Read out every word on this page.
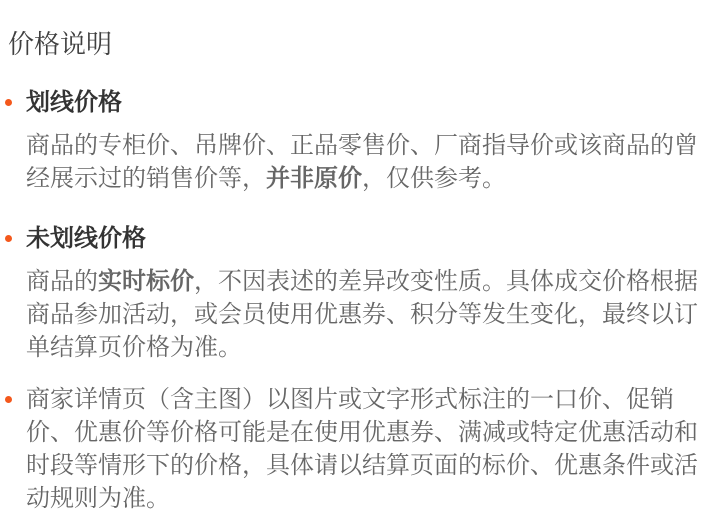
价格说明
划线价格

商品的专柜价、吊牌价、正品零售价、厂商指导价或该商品的曾经展示过的销售价等，并非原价，仅供参考。

未划线价格

商品的实时标价，不因表述的差异改变性质。具体成交价格根据商品参加活动，或会员使用优惠券、积分等发生变化，最终以订单结算页价格为准。

商家详情页（含主图）以图片或文字形式标注的一口价、促销价、优惠价等价格可能是在使用优惠券、满减或特定优惠活动和时段等情形下的价格，具体请以结算页面的标价、优惠条件或活动规则为准。
